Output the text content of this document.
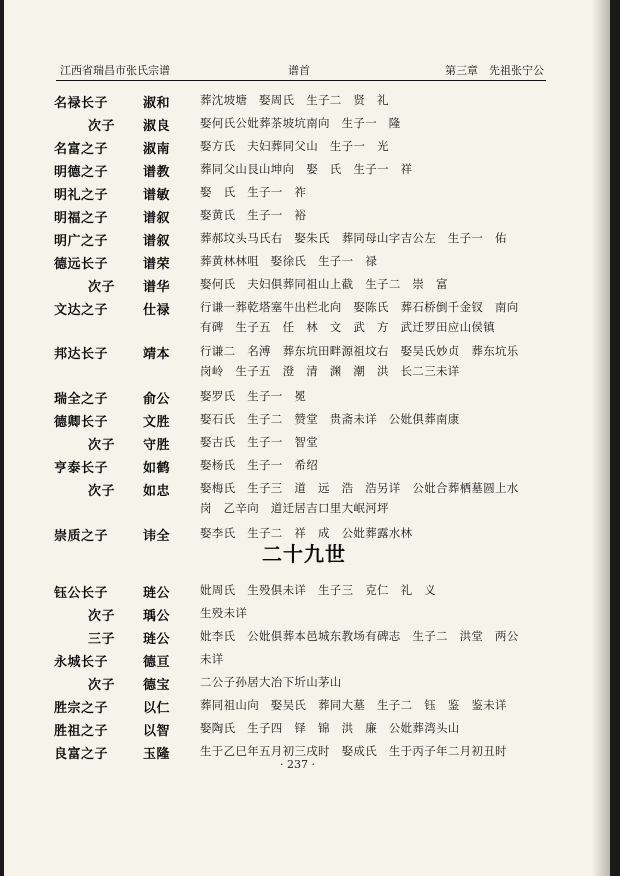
江西省瑞昌市张氏宗谱	谱首	第三章　先祖张宁公
名禄长子	淑和	葬沈坡塘　娶周氏　生子二　贤　礼
次子 淑良	娶何氏公妣葬茶坡坑南向　生子一　隆
名富之子	淑南	娶方氏　夫妇葬同父山　生子一　光
明德之子	谱教	葬同父山艮山坤向　娶　氏　生子一　祥
明礼之子	谱敏	娶　氏　生子一　祚
明福之子	谱叙	娶黄氏　生子一　裕
明广之子	谱叙	葬郝坟头马氏右　娶朱氏　葬同母山字吉公左　生子一　佑
德远长子	谱荣	葬黄林林咀　娶徐氏　生子一　禄
次子 谱华	娶何氏　夫妇俱葬同祖山上截　生子二　崇　富
文达之子	仕禄	行谦一葬乾塔塞牛出栏北向　娶陈氏　葬石桥倒千金钗　南向
有碑　生子五　任　林　文　武　方　武迁罗田应山侯镇
邦达长子	靖本	行谦二　名溥　葬东坑田畔源祖坟右　娶吴氏妙贞　葬东坑乐
岗岭　生子五　澄　清　渊　潮　洪　长二三未详
瑞全之子	俞公	娶罗氏　生子一　冕
德卿长子	文胜	娶石氏　生子二　赞堂　贵斋未详　公妣俱葬南康
次子 守胜	娶古氏　生子一　智堂
亨泰长子	如鹤	娶杨氏　生子一　希绍
次子 如忠	娶梅氏　生子三　道　远　浩　浩另详　公妣合葬栖墓圆上水
岗　乙辛向　道迁居吉口里大岷河坪
崇质之子	讳全	娶李氏　生子二　祥　成　公妣葬露水林
二十九世
钰公长子	琏公	妣周氏　生殁俱未详　生子三　克仁　礼　义
次子 瑀公	生殁未详
三子 琏公	妣李氏　公妣俱葬本邑城东教场有碑志　生子二　洪堂　两公
永城长子	德亘	未详
次子 德宝	二公子孙居大冶下圻山茅山
胜宗之子	以仁	葬同祖山向　娶吴氏　葬同大墓　生子二　钰　鉴　鉴未详
胜祖之子	以智	娶陶氏　生子四　铎　锦　洪　廉　公妣葬湾头山
良富之子	玉隆	生于乙巳年五月初三戌时　娶成氏　生于丙子年二月初丑时
· 237 ·
